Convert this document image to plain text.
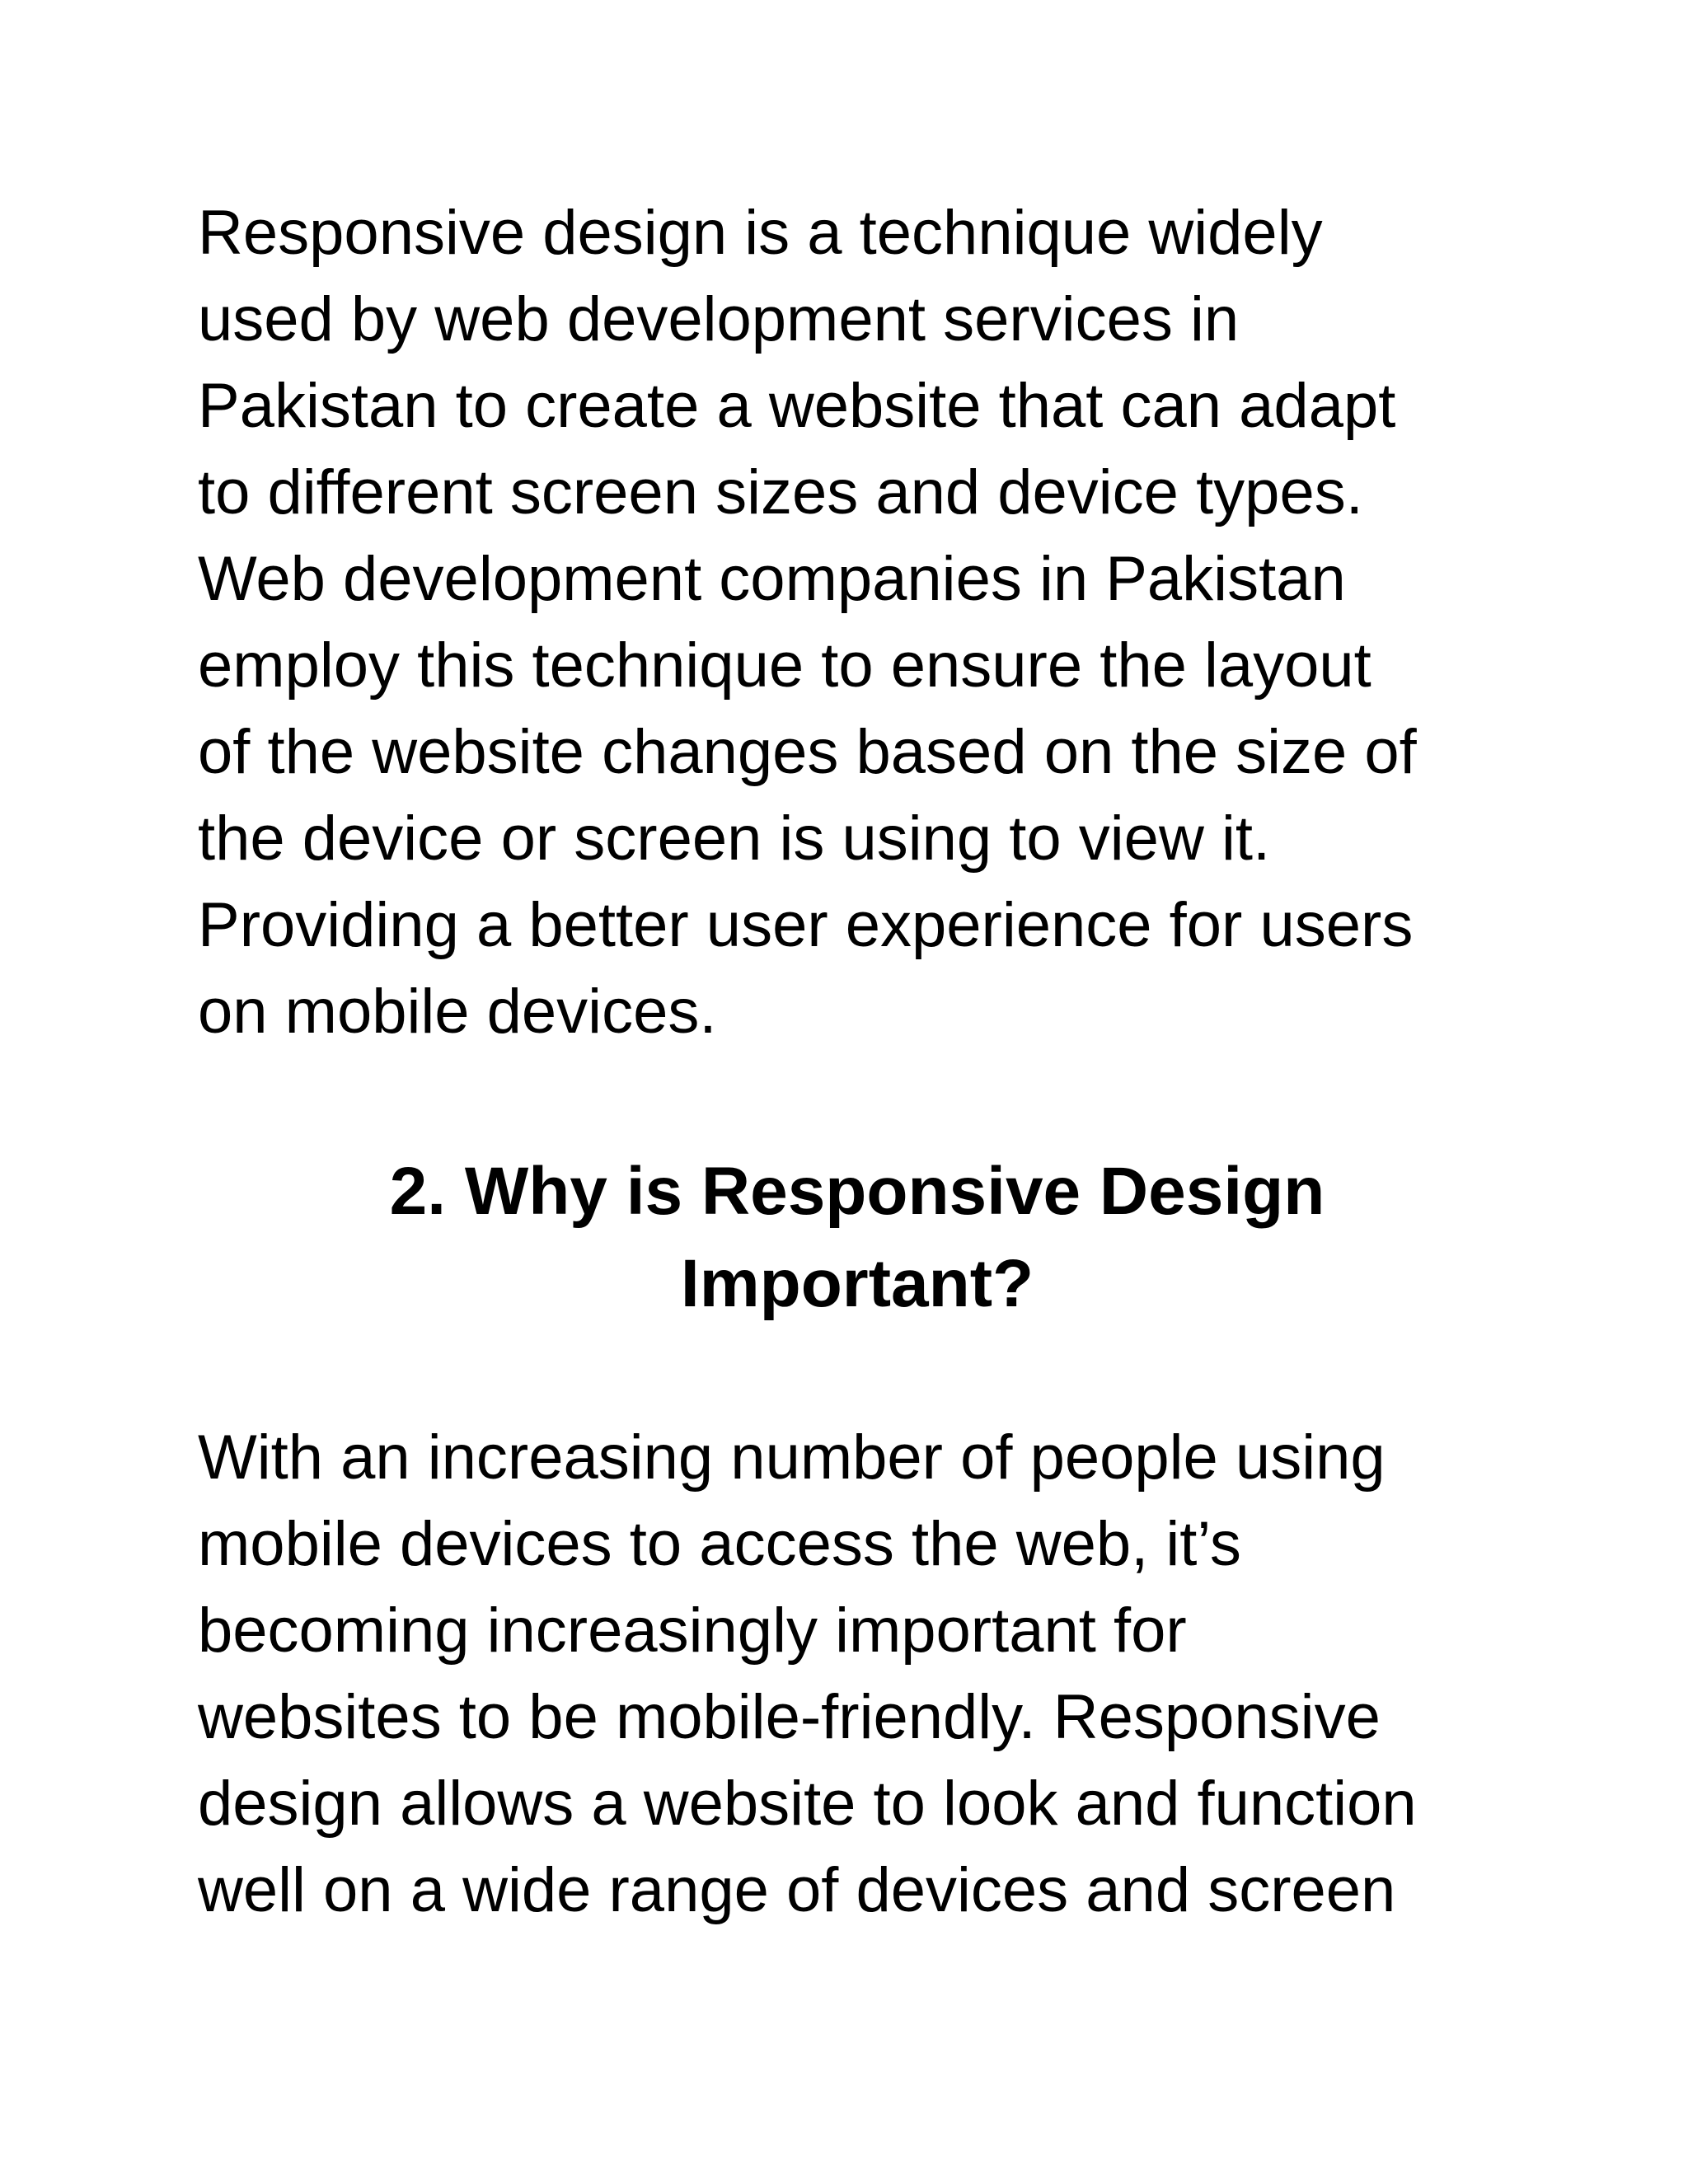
Responsive design is a technique widely
used by web development services in
Pakistan to create a website that can adapt
to different screen sizes and device types.
Web development companies in Pakistan
employ this technique to ensure the layout
of the website changes based on the size of
the device or screen is using to view it.
Providing a better user experience for users
on mobile devices.

2. Why is Responsive Design
Important?

With an increasing number of people using
mobile devices to access the web, it’s
becoming increasingly important for
websites to be mobile-friendly. Responsive
design allows a website to look and function
well on a wide range of devices and screen
